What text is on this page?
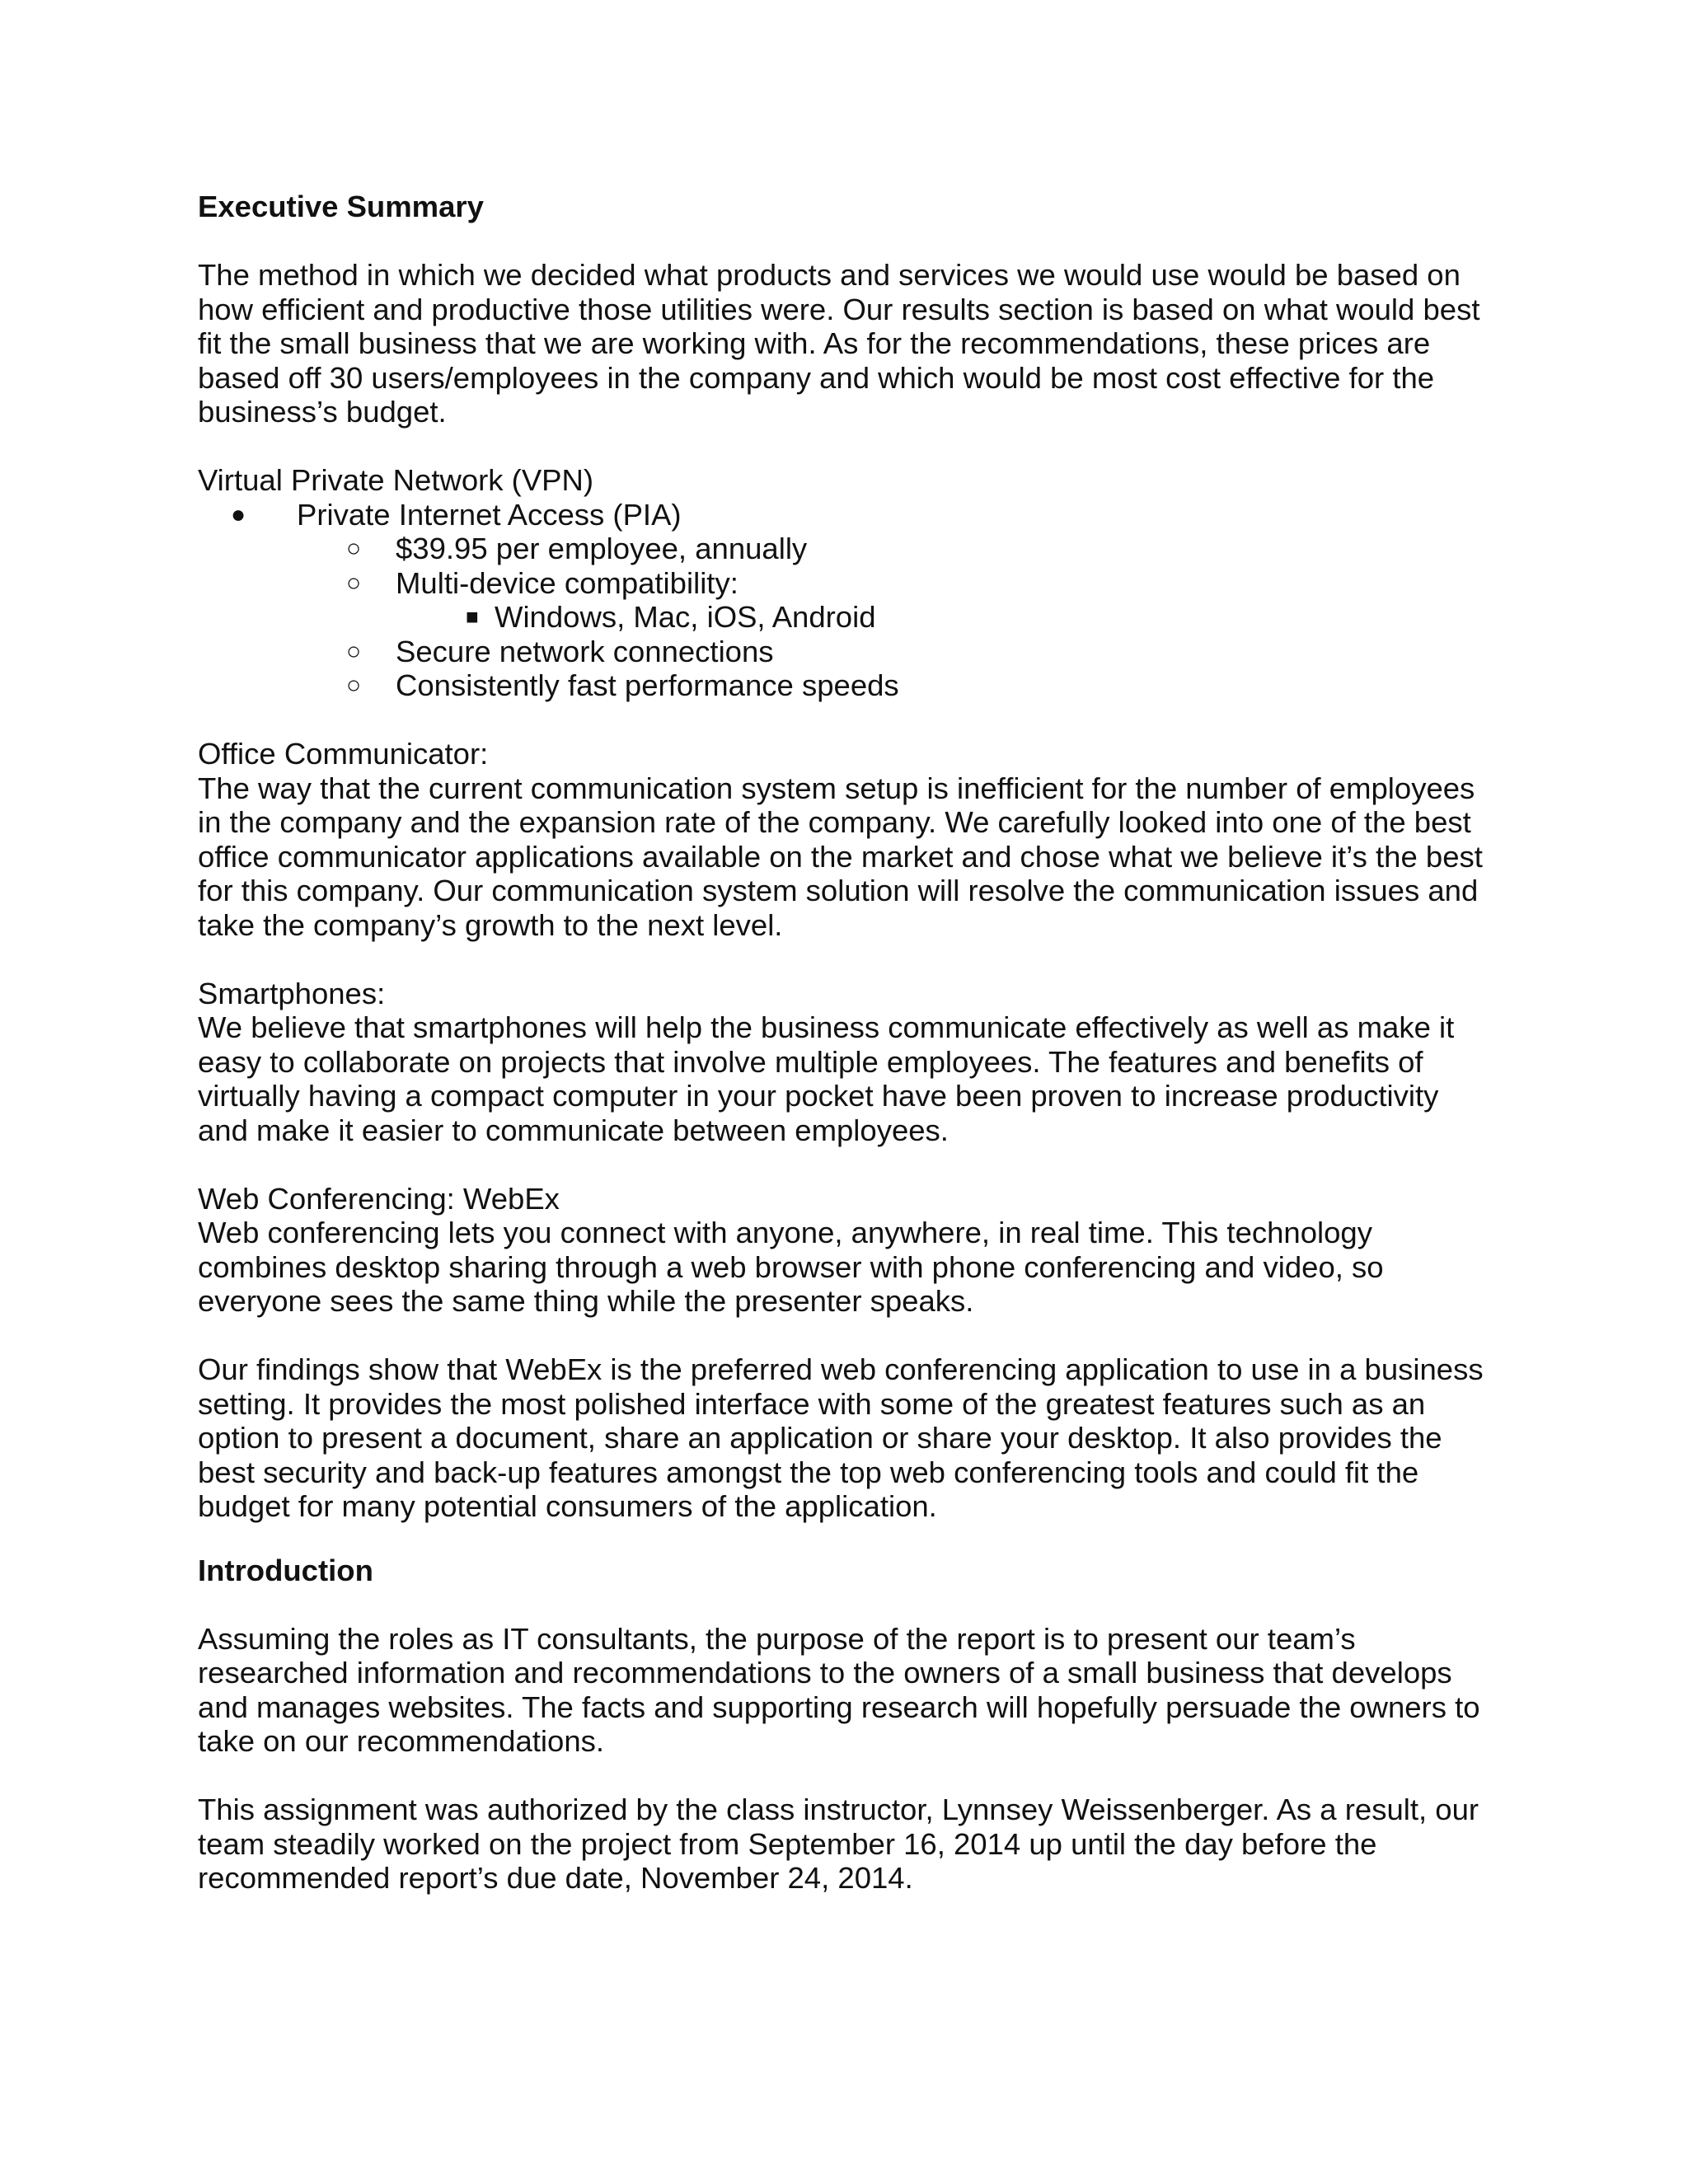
Executive Summary

The method in which we decided what products and services we would use would be based on how efficient and productive those utilities were. Our results section is based on what would best fit the small business that we are working with. As for the recommendations, these prices are based off 30 users/employees in the company and which would be most cost effective for the business’s budget.

Virtual Private Network (VPN)

● Private Internet Access (PIA)
○ $39.95 per employee, annually
○ Multi-device compatibility:
■ Windows, Mac, iOS, Android
○ Secure network connections
○ Consistently fast performance speeds

Office Communicator:

The way that the current communication system setup is inefficient for the number of employees in the company and the expansion rate of the company. We carefully looked into one of the best office communicator applications available on the market and chose what we believe it’s the best for this company. Our communication system solution will resolve the communication issues and take the company’s growth to the next level.

Smartphones:

We believe that smartphones will help the business communicate effectively as well as make it easy to collaborate on projects that involve multiple employees. The features and benefits of virtually having a compact computer in your pocket have been proven to increase productivity and make it easier to communicate between employees.

Web Conferencing: WebEx

Web conferencing lets you connect with anyone, anywhere, in real time. This technology combines desktop sharing through a web browser with phone conferencing and video, so everyone sees the same thing while the presenter speaks.

Our findings show that WebEx is the preferred web conferencing application to use in a business setting. It provides the most polished interface with some of the greatest features such as an option to present a document, share an application or share your desktop. It also provides the best security and back-up features amongst the top web conferencing tools and could fit the budget for many potential consumers of the application.

Introduction

Assuming the roles as IT consultants, the purpose of the report is to present our team’s researched information and recommendations to the owners of a small business that develops and manages websites. The facts and supporting research will hopefully persuade the owners to take on our recommendations.

This assignment was authorized by the class instructor, Lynnsey Weissenberger. As a result, our team steadily worked on the project from September 16, 2014 up until the day before the recommended report’s due date, November 24, 2014.
